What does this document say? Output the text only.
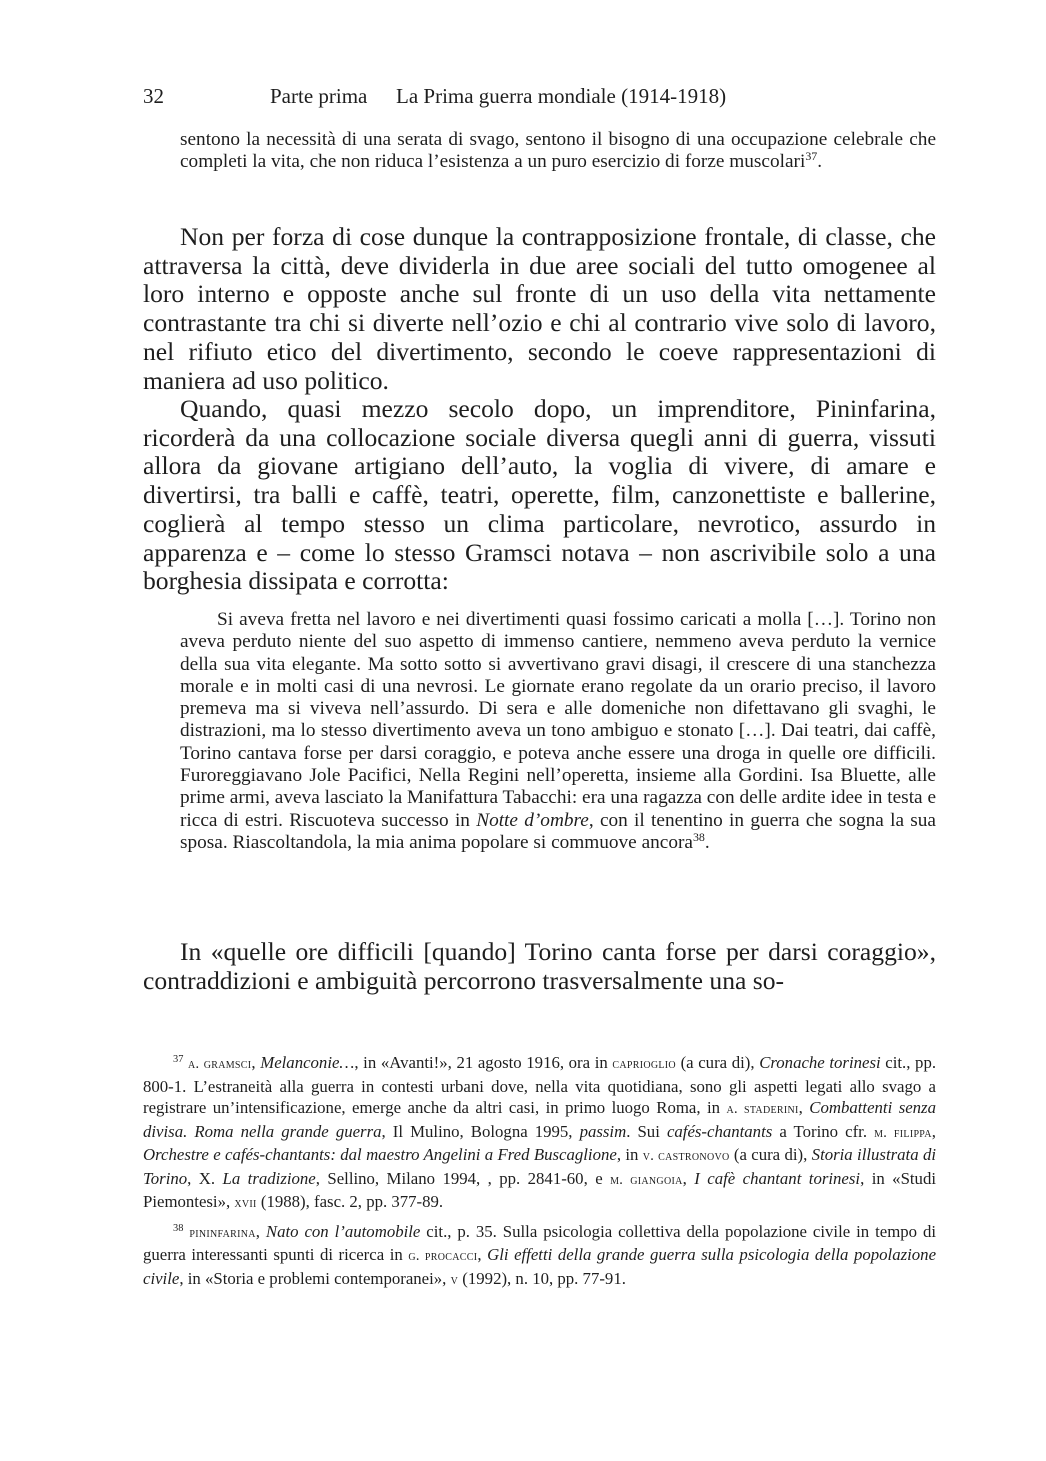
32	Parte prima La Prima guerra mondiale (1914-1918)
sentono la necessità di una serata di svago, sentono il bisogno di una occupazione celebrale che completi la vita, che non riduca l’esistenza a un puro esercizio di forze muscolari$^{37}$.

Non per forza di cose dunque la contrapposizione frontale, di classe, che attraversa la città, deve dividerla in due aree sociali del tutto omogenee al loro interno e opposte anche sul fronte di un uso della vita nettamente contrastante tra chi si diverte nell’ozio e chi al contrario vive solo di lavoro, nel rifiuto etico del divertimento, secondo le coeve rappresentazioni di maniera ad uso politico.

Quando, quasi mezzo secolo dopo, un imprenditore, Pininfarina, ricorderà da una collocazione sociale diversa quegli anni di guerra, vissuti allora da giovane artigiano dell’auto, la voglia di vivere, di amare e divertirsi, tra balli e caffè, teatri, operette, film, canzonettiste e ballerine, coglierà al tempo stesso un clima particolare, nevrotico, assurdo in apparenza e – come lo stesso Gramsci notava – non ascrivibile solo a una borghesia dissipata e corrotta:

Si aveva fretta nel lavoro e nei divertimenti quasi fossimo caricati a molla […]. Torino non aveva perduto niente del suo aspetto di immenso cantiere, nemmeno aveva perduto la vernice della sua vita elegante. Ma sotto sotto si avvertivano gravi disagi, il crescere di una stanchezza morale e in molti casi di una nevrosi. Le giornate erano regolate da un orario preciso, il lavoro premeva ma si viveva nell’assurdo. Di sera e alle domeniche non difettavano gli svaghi, le distrazioni, ma lo stesso divertimento aveva un tono ambiguo e stonato […]. Dai teatri, dai caffè, Torino cantava forse per darsi coraggio, e poteva anche essere una droga in quelle ore difficili. Furoreggiavano Jole Pacifici, Nella Regini nell’operetta, insieme alla Gordini. Isa Bluette, alle prime armi, aveva lasciato la Manifattura Tabacchi: era una ragazza con delle ardite idee in testa e ricca di estri. Riscuoteva successo in Notte d’ombre, con il tenentino in guerra che sogna la sua sposa. Riascoltandola, la mia anima popolare si commuove ancora$^{38}$.

In «quelle ore difficili [quando] Torino canta forse per darsi coraggio», contraddizioni e ambiguità percorrono trasversalmente una so-

$^{37}$ a. gramsci, Melanconie…, in «Avanti!», 21 agosto 1916, ora in caprioglio (a cura di), Cronache torinesi cit., pp. 800-1. L’estraneità alla guerra in contesti urbani dove, nella vita quotidiana, sono gli aspetti legati allo svago a registrare un’intensificazione, emerge anche da altri casi, in primo luogo Roma, in a. staderini, Combattenti senza divisa. Roma nella grande guerra, Il Mulino, Bologna 1995, passim. Sui cafés-chantants a Torino cfr. m. filippa, Orchestre e cafés-chantants: dal maestro Angelini a Fred Buscaglione, in v. castronovo (a cura di), Storia illustrata di Torino, X. La tradizione, Sellino, Milano 1994, , pp. 2841-60, e m. giangoia, I cafè chantant torinesi, in «Studi Piemontesi», xvii (1988), fasc. 2, pp. 377-89.

$^{38}$ pininfarina, Nato con l’automobile cit., p. 35. Sulla psicologia collettiva della popolazione civile in tempo di guerra interessanti spunti di ricerca in g. procacci, Gli effetti della grande guerra sulla psicologia della popolazione civile, in «Storia e problemi contemporanei», v (1992), n. 10, pp. 77-91.
